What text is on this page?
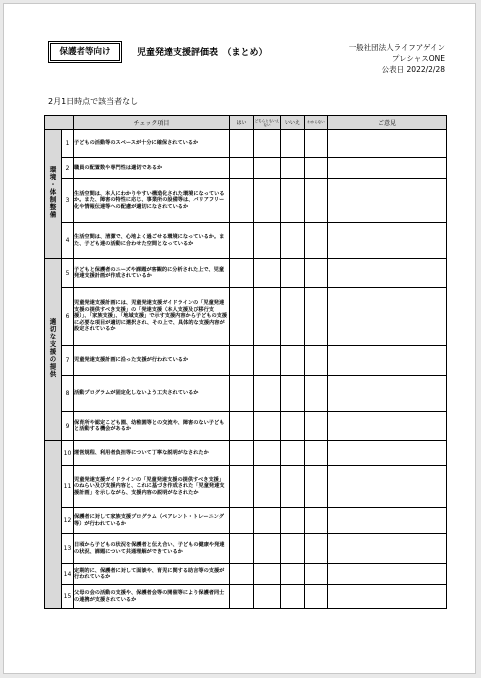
保護者等向け	児童発達支援評価表　（まとめ）
一般社団法人ライフアゲイン
プレシャスONE
公表日 2022/2/28
2月1日時点で該当者なし
		チェック項目	はい	どちらともいえない	いいえ	わからない	ご意見
環境・体制整備	1	子どもの活動等のスペースが十分に確保されているか					
	2	職員の配置数や専門性は適切であるか					
	3	生活空間は、本人にわかりやすい構造化された環境になっているか。また、障害の特性に応じ、事業所の設備等は、バリアフリー化や情報伝達等への配慮が適切になされているか					
	4	生活空間は、清潔で、心地よく過ごせる環境になっているか。また、子ども達の活動に合わせた空間となっているか					
適切な支援の提供	5	子どもと保護者のニーズや課題が客観的に分析された上で、児童発達支援計画が作成されているか					
	6	児童発達支援計画には、児童発達支援ガイドラインの「児童発達支援の提供すべき支援」の「発達支援（本人支援及び移行支援）」、「家族支援」、「地域支援」で示す支援内容から子どもの支援に必要な項目が適切に選択され、その上で、具体的な支援内容が設定されているか					
	7	児童発達支援計画に沿った支援が行われているか					
	8	活動プログラムが固定化しないよう工夫されているか					
	9	保育所や認定こども園、幼稚園等との交流や、障害のない子どもと活動する機会があるか					
	10	運営規程、利用者負担等について丁寧な説明がなされたか					
	11	児童発達支援ガイドラインの「児童発達支援の提供すべき支援」のねらい及び支援内容と、これに基づき作成された「児童発達支援計画」を示しながら、支援内容の説明がなされたか					
	12	保護者に対して家族支援プログラム（ペアレント・トレーニング等）が行われているか					
	13	日頃から子どもの状況を保護者と伝え合い、子どもの健康や発達の状況、課題について共通理解ができているか					
	14	定期的に、保護者に対して面談や、育児に関する助言等の支援が行われているか					
	15	父母の会の活動の支援や、保護者会等の開催等により保護者同士の連携が支援されているか					
